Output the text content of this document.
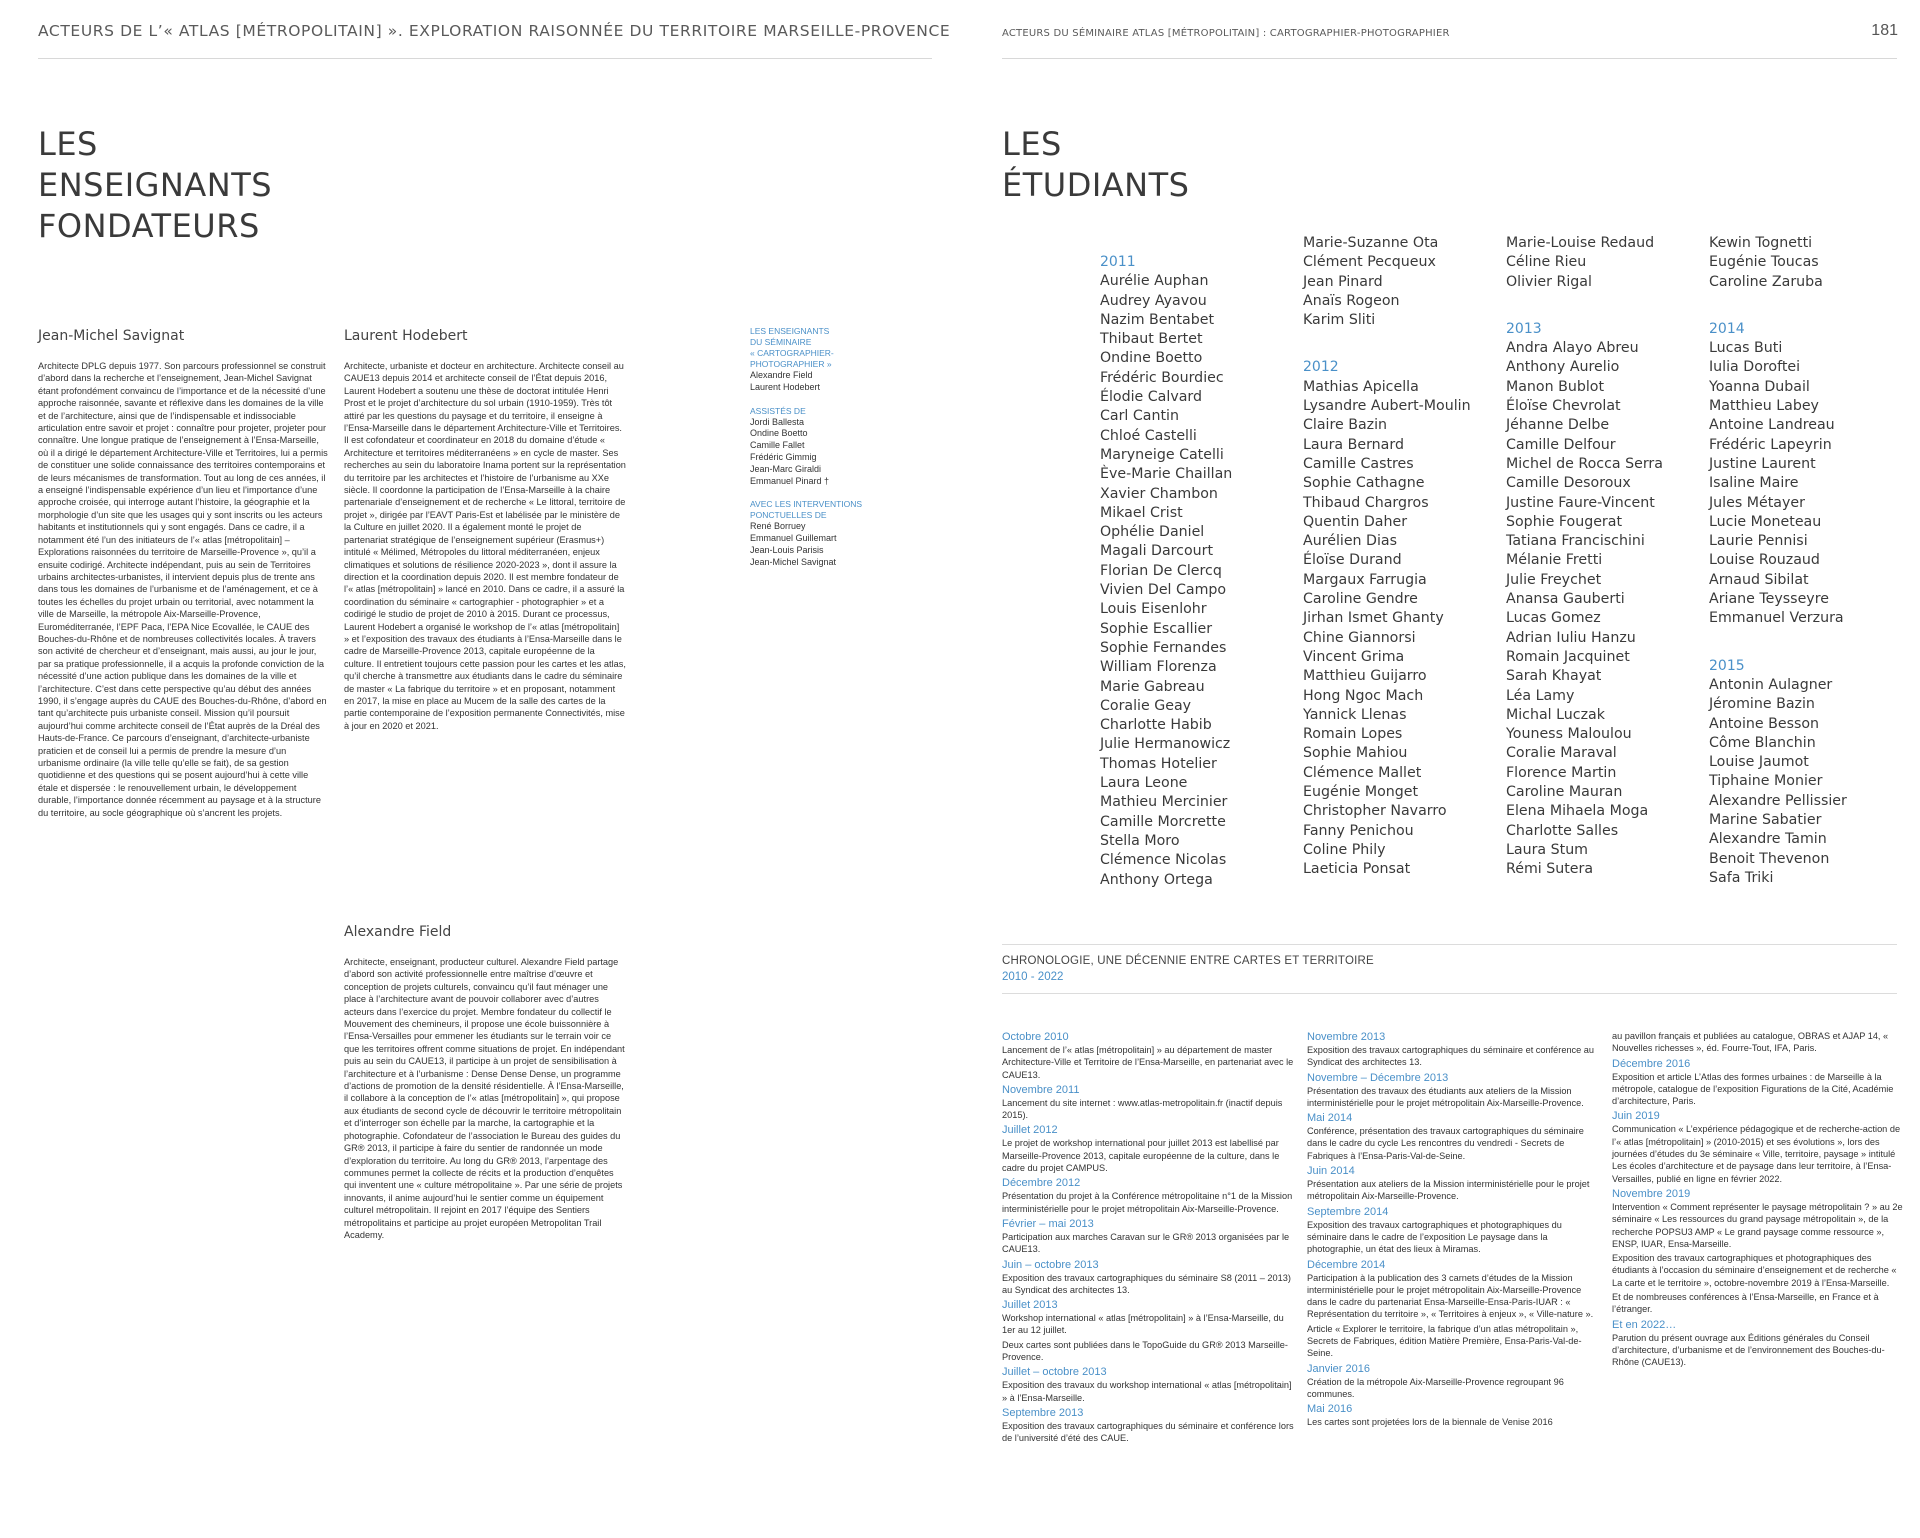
ACTEURS DE L’« ATLAS [MÉTROPOLITAIN] ». EXPLORATION RAISONNÉE DU TERRITOIRE MARSEILLE-PROVENCE
LES
ENSEIGNANTS
FONDATEURS
Jean-Michel Savignat

Architecte DPLG depuis 1977. Son parcours professionnel se construit d’abord dans la recherche et l’enseignement, Jean-Michel Savignat étant profondément convaincu de l’importance et de la nécessité d’une approche raisonnée, savante et réflexive dans les domaines de la ville et de l’architecture, ainsi que de l’indispensable et indissociable articulation entre savoir et projet : connaître pour projeter, projeter pour connaître. Une longue pratique de l’enseignement à l’Ensa-Marseille, où il a dirigé le département Architecture-Ville et Territoires, lui a permis de constituer une solide connaissance des territoires contemporains et de leurs mécanismes de transformation. Tout au long de ces années, il a enseigné l’indispensable expérience d’un lieu et l’importance d’une approche croisée, qui interroge autant l’histoire, la géographie et la morphologie d’un site que les usages qui y sont inscrits ou les acteurs habitants et institutionnels qui y sont engagés. Dans ce cadre, il a notamment été l’un des initiateurs de l’« atlas [métropolitain] – Explorations raisonnées du territoire de Marseille-Provence », qu’il a ensuite codirigé. Architecte indépendant, puis au sein de Territoires urbains architectes-urbanistes, il intervient depuis plus de trente ans dans tous les domaines de l’urbanisme et de l’aménagement, et ce à toutes les échelles du projet urbain ou territorial, avec notamment la ville de Marseille, la métropole Aix-Marseille-Provence, Euroméditerranée, l’EPF Paca, l’EPA Nice Ecovallée, le CAUE des Bouches-du-Rhône et de nombreuses collectivités locales. À travers son activité de chercheur et d’enseignant, mais aussi, au jour le jour, par sa pratique professionnelle, il a acquis la profonde conviction de la nécessité d’une action publique dans les domaines de la ville et l’architecture. C’est dans cette perspective qu’au début des années 1990, il s’engage auprès du CAUE des Bouches-du-Rhône, d’abord en tant qu’architecte puis urbaniste conseil. Mission qu’il poursuit aujourd’hui comme architecte conseil de l’État auprès de la Dréal des Hauts-de-France. Ce parcours d’enseignant, d’architecte-urbaniste praticien et de conseil lui a permis de prendre la mesure d’un urbanisme ordinaire (la ville telle qu’elle se fait), de sa gestion quotidienne et des questions qui se posent aujourd’hui à cette ville étale et dispersée : le renouvellement urbain, le développement durable, l’importance donnée récemment au paysage et à la structure du territoire, au socle géographique où s’ancrent les projets.

Laurent Hodebert

Architecte, urbaniste et docteur en architecture. Architecte conseil au CAUE13 depuis 2014 et architecte conseil de l’État depuis 2016, Laurent Hodebert a soutenu une thèse de doctorat intitulée Henri Prost et le projet d’architecture du sol urbain (1910-1959). Très tôt attiré par les questions du paysage et du territoire, il enseigne à l’Ensa-Marseille dans le département Architecture-Ville et Territoires. Il est cofondateur et coordinateur en 2018 du domaine d’étude « Architecture et territoires méditerranéens » en cycle de master. Ses recherches au sein du laboratoire Inama portent sur la représentation du territoire par les architectes et l’histoire de l’urbanisme au XXe siècle. Il coordonne la participation de l’Ensa-Marseille à la chaire partenariale d’enseignement et de recherche « Le littoral, territoire de projet », dirigée par l’EAVT Paris-Est et labélisée par le ministère de la Culture en juillet 2020. Il a également monté le projet de partenariat stratégique de l’enseignement supérieur (Erasmus+) intitulé « Mélimed, Métropoles du littoral méditerranéen, enjeux climatiques et solutions de résilience 2020-2023 », dont il assure la direction et la coordination depuis 2020. Il est membre fondateur de l’« atlas [métropolitain] » lancé en 2010. Dans ce cadre, il a assuré la coordination du séminaire « cartographier - photographier » et a codirigé le studio de projet de 2010 à 2015. Durant ce processus, Laurent Hodebert a organisé le workshop de l’« atlas [métropolitain] » et l’exposition des travaux des étudiants à l’Ensa-Marseille dans le cadre de Marseille-Provence 2013, capitale européenne de la culture. Il entretient toujours cette passion pour les cartes et les atlas, qu’il cherche à transmettre aux étudiants dans le cadre du séminaire de master « La fabrique du territoire » et en proposant, notamment en 2017, la mise en place au Mucem de la salle des cartes de la partie contemporaine de l’exposition permanente Connectivités, mise à jour en 2020 et 2021.

Alexandre Field

Architecte, enseignant, producteur culturel. Alexandre Field partage d’abord son activité professionnelle entre maîtrise d’œuvre et conception de projets culturels, convaincu qu’il faut ménager une place à l’architecture avant de pouvoir collaborer avec d’autres acteurs dans l’exercice du projet. Membre fondateur du collectif le Mouvement des chemineurs, il propose une école buissonnière à l’Ensa-Versailles pour emmener les étudiants sur le terrain voir ce que les territoires offrent comme situations de projet. En indépendant puis au sein du CAUE13, il participe à un projet de sensibilisation à l’architecture et à l’urbanisme : Dense Dense Dense, un programme d’actions de promotion de la densité résidentielle. À l’Ensa-Marseille, il collabore à la conception de l’« atlas [métropolitain] », qui propose aux étudiants de second cycle de découvrir le territoire métropolitain et d’interroger son échelle par la marche, la cartographie et la photographie. Cofondateur de l’association le Bureau des guides du GR® 2013, il participe à faire du sentier de randonnée un mode d’exploration du territoire. Au long du GR® 2013, l’arpentage des communes permet la collecte de récits et la production d’enquêtes qui inventent une « culture métropolitaine ». Par une série de projets innovants, il anime aujourd’hui le sentier comme un équipement culturel métropolitain. Il rejoint en 2017 l’équipe des Sentiers métropolitains et participe au projet européen Metropolitan Trail Academy.

LES ENSEIGNANTS
DU SÉMINAIRE
« CARTOGRAPHIER-
PHOTOGRAPHIER »
Alexandre Field
Laurent Hodebert
ASSISTÉS DE
Jordi Ballesta
Ondine Boetto
Camille Fallet
Frédéric Gimmig
Jean-Marc Giraldi
Emmanuel Pinard †
AVEC LES INTERVENTIONS
PONCTUELLES DE
René Borruey
Emmanuel Guillemart
Jean-Louis Parisis
Jean-Michel Savignat
ACTEURS DU SÉMINAIRE ATLAS [MÉTROPOLITAIN] : CARTOGRAPHIER-PHOTOGRAPHIER	181
LES
ÉTUDIANTS
2011
Aurélie Auphan
Audrey Ayavou
Nazim Bentabet
Thibaut Bertet
Ondine Boetto
Frédéric Bourdiec
Élodie Calvard
Carl Cantin
Chloé Castelli
Maryneige Catelli
Ève-Marie Chaillan
Xavier Chambon
Mikael Crist
Ophélie Daniel
Magali Darcourt
Florian De Clercq
Vivien Del Campo
Louis Eisenlohr
Sophie Escallier
Sophie Fernandes
William Florenza
Marie Gabreau
Coralie Geay
Charlotte Habib
Julie Hermanowicz
Thomas Hotelier
Laura Leone
Mathieu Mercinier
Camille Morcrette
Stella Moro
Clémence Nicolas
Anthony Ortega
Marie-Suzanne Ota
Clément Pecqueux
Jean Pinard
Anaïs Rogeon
Karim Sliti
2012
Mathias Apicella
Lysandre Aubert-Moulin
Claire Bazin
Laura Bernard
Camille Castres
Sophie Cathagne
Thibaud Chargros
Quentin Daher
Aurélien Dias
Éloïse Durand
Margaux Farrugia
Caroline Gendre
Jirhan Ismet Ghanty
Chine Giannorsi
Vincent Grima
Matthieu Guijarro
Hong Ngoc Mach
Yannick Llenas
Romain Lopes
Sophie Mahiou
Clémence Mallet
Eugénie Monget
Christopher Navarro
Fanny Penichou
Coline Phily
Laeticia Ponsat
Marie-Louise Redaud
Céline Rieu
Olivier Rigal
2013
Andra Alayo Abreu
Anthony Aurelio
Manon Bublot
Éloïse Chevrolat
Jéhanne Delbe
Camille Delfour
Michel de Rocca Serra
Camille Desoroux
Justine Faure-Vincent
Sophie Fougerat
Tatiana Francischini
Mélanie Fretti
Julie Freychet
Anansa Gauberti
Lucas Gomez
Adrian Iuliu Hanzu
Romain Jacquinet
Sarah Khayat
Léa Lamy
Michal Luczak
Youness Maloulou
Coralie Maraval
Florence Martin
Caroline Mauran
Elena Mihaela Moga
Charlotte Salles
Laura Stum
Rémi Sutera
Kewin Tognetti
Eugénie Toucas
Caroline Zaruba
2014
Lucas Buti
Iulia Doroftei
Yoanna Dubail
Matthieu Labey
Antoine Landreau
Frédéric Lapeyrin
Justine Laurent
Isaline Maire
Jules Métayer
Lucie Moneteau
Laurie Pennisi
Louise Rouzaud
Arnaud Sibilat
Ariane Teysseyre
Emmanuel Verzura
2015
Antonin Aulagner
Jéromine Bazin
Antoine Besson
Côme Blanchin
Louise Jaumot
Tiphaine Monier
Alexandre Pellissier
Marine Sabatier
Alexandre Tamin
Benoit Thevenon
Safa Triki
CHRONOLOGIE, UNE DÉCENNIE ENTRE CARTES ET TERRITOIRE
2010 - 2022
Octobre 2010
Lancement de l’« atlas [métropolitain] » au département de master Architecture-Ville et Territoire de l’Ensa-Marseille, en partenariat avec le CAUE13.
Novembre 2011
Lancement du site internet : www.atlas-metropolitain.fr (inactif depuis 2015).
Juillet 2012
Le projet de workshop international pour juillet 2013 est labellisé par Marseille-Provence 2013, capitale européenne de la culture, dans le cadre du projet CAMPUS.
Décembre 2012
Présentation du projet à la Conférence métropolitaine n°1 de la Mission interministérielle pour le projet métropolitain Aix-Marseille-Provence.
Février – mai 2013
Participation aux marches Caravan sur le GR® 2013 organisées par le CAUE13.
Juin – octobre 2013
Exposition des travaux cartographiques du séminaire S8 (2011 – 2013) au Syndicat des architectes 13.
Juillet 2013
Workshop international « atlas [métropolitain] » à l’Ensa-Marseille, du 1er au 12 juillet.
Deux cartes sont publiées dans le TopoGuide du GR® 2013 Marseille-Provence.
Juillet – octobre 2013
Exposition des travaux du workshop international « atlas [métropolitain] » à l’Ensa-Marseille.
Septembre 2013
Exposition des travaux cartographiques du séminaire et conférence lors de l’université d’été des CAUE.
Novembre 2013
Exposition des travaux cartographiques du séminaire et conférence au Syndicat des architectes 13.
Novembre – Décembre 2013
Présentation des travaux des étudiants aux ateliers de la Mission interministérielle pour le projet métropolitain Aix-Marseille-Provence.
Mai 2014
Conférence, présentation des travaux cartographiques du séminaire dans le cadre du cycle Les rencontres du vendredi - Secrets de Fabriques à l’Ensa-Paris-Val-de-Seine.
Juin 2014
Présentation aux ateliers de la Mission interministérielle pour le projet métropolitain Aix-Marseille-Provence.
Septembre 2014
Exposition des travaux cartographiques et photographiques du séminaire dans le cadre de l’exposition Le paysage dans la photographie, un état des lieux à Miramas.
Décembre 2014
Participation à la publication des 3 carnets d’études de la Mission interministérielle pour le projet métropolitain Aix-Marseille-Provence dans le cadre du partenariat Ensa-Marseille-Ensa-Paris-IUAR : « Représentation du territoire », « Territoires à enjeux », « Ville-nature ».
Article « Explorer le territoire, la fabrique d’un atlas métropolitain », Secrets de Fabriques, édition Matière Première, Ensa-Paris-Val-de-Seine.
Janvier 2016
Création de la métropole Aix-Marseille-Provence regroupant 96 communes.
Mai 2016
Les cartes sont projetées lors de la biennale de Venise 2016
au pavillon français et publiées au catalogue, OBRAS et AJAP 14, « Nouvelles richesses », éd. Fourre-Tout, IFA, Paris.
Décembre 2016
Exposition et article L’Atlas des formes urbaines : de Marseille à la métropole, catalogue de l’exposition Figurations de la Cité, Académie d’architecture, Paris.
Juin 2019
Communication « L’expérience pédagogique et de recherche-action de l’« atlas [métropolitain] » (2010-2015) et ses évolutions », lors des journées d’études du 3e séminaire « Ville, territoire, paysage » intitulé Les écoles d’architecture et de paysage dans leur territoire, à l’Ensa-Versailles, publié en ligne en février 2022.
Novembre 2019
Intervention « Comment représenter le paysage métropolitain ? » au 2e séminaire « Les ressources du grand paysage métropolitain », de la recherche POPSU3 AMP « Le grand paysage comme ressource », ENSP, IUAR, Ensa-Marseille.
Exposition des travaux cartographiques et photographiques des étudiants à l’occasion du séminaire d’enseignement et de recherche « La carte et le territoire », octobre-novembre 2019 à l’Ensa-Marseille.
Et de nombreuses conférences à l’Ensa-Marseille, en France et à l’étranger.
Et en 2022…
Parution du présent ouvrage aux Éditions générales du Conseil d’architecture, d’urbanisme et de l’environnement des Bouches-du-Rhône (CAUE13).
